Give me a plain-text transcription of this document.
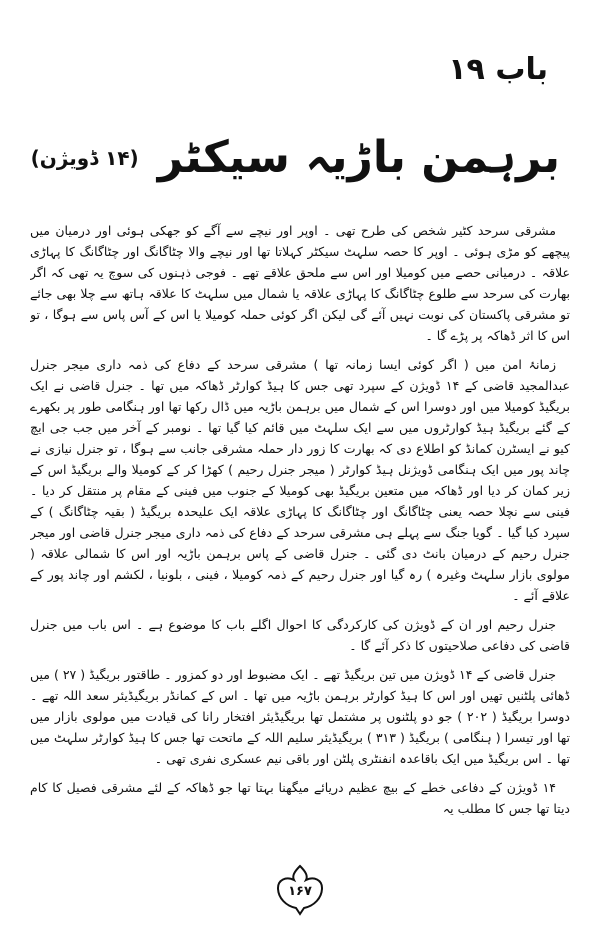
باب ۱۹
برہمن باڑیہ سیکٹر (۱۴ ڈویژن)

مشرقی سرحد کٹیر شخص کی طرح تھی ۔ اوپر اور نیچے سے آگے کو جھکی ہوئی اور درمیان میں پیچھے کو مڑی ہوئی ۔ اوپر کا حصہ سلہٹ سیکٹر کہلاتا تھا اور نیچے والا چٹاگانگ اور چٹاگانگ کا پہاڑی علاقہ ۔ درمیانی حصے میں کومیلا اور اس سے ملحق علاقے تھے ۔ فوجی ذہنوں کی سوچ یہ تھی کہ اگر بھارت کی سرحد سے طلوع چٹاگانگ کا پہاڑی علاقہ یا شمال میں سلہٹ کا علاقہ ہاتھ سے چلا بھی جائے تو مشرقی پاکستان کی نوبت نہیں آئے گی لیکن اگر کوئی حملہ کومیلا یا اس کے آس پاس سے ہوگا ، تو اس کا اثر ڈھاکہ پر پڑے گا ۔

زمانۂ امن میں ( اگر کوئی ایسا زمانہ تھا ) مشرقی سرحد کے دفاع کی ذمہ داری میجر جنرل عبدالمجید قاضی کے ۱۴ ڈویژن کے سپرد تھی جس کا ہیڈ کوارٹر ڈھاکہ میں تھا ۔ جنرل قاضی نے ایک بریگیڈ کومیلا میں اور دوسرا اس کے شمال میں برہمن باڑیہ میں ڈال رکھا تھا اور ہنگامی طور پر بکھرے کے گئے بریگیڈ ہیڈ کوارٹروں میں سے ایک سلہٹ میں قائم کیا گیا تھا ۔ نومبر کے آخر میں جب جی ایچ کیو نے ایسٹرن کمانڈ کو اطلاع دی کہ بھارت کا زور دار حملہ مشرقی جانب سے ہوگا ، تو جنرل نیازی نے چاند پور میں ایک ہنگامی ڈویژنل ہیڈ کوارٹر ( میجر جنرل رحیم ) کھڑا کر کے کومیلا والے بریگیڈ اس کے زیر کمان کر دیا اور ڈھاکہ میں متعین بریگیڈ بھی کومیلا کے جنوب میں فینی کے مقام پر منتقل کر دیا ۔ فینی سے نچلا حصہ یعنی چٹاگانگ اور چٹاگانگ کا پہاڑی علاقہ ایک علیحدہ بریگیڈ ( بقیہ چٹاگانگ ) کے سپرد کیا گیا ۔ گویا جنگ سے پہلے ہی مشرقی سرحد کے دفاع کی ذمہ داری میجر جنرل قاضی اور میجر جنرل رحیم کے درمیان بانٹ دی گئی ۔ جنرل قاضی کے پاس برہمن باڑیہ اور اس کا شمالی علاقہ ( مولوی بازار سلہٹ وغیرہ ) رہ گیا اور جنرل رحیم کے ذمہ کومیلا ، فینی ، بلونیا ، لکشم اور چاند پور کے علاقے آئے ۔

جنرل رحیم اور ان کے ڈویژن کی کارکردگی کا احوال اگلے باب کا موضوع ہے ۔ اس باب میں جنرل قاضی کی دفاعی صلاحیتوں کا ذکر آئے گا ۔

جنرل قاضی کے ۱۴ ڈویژن میں تین بریگیڈ تھے ۔ ایک مضبوط اور دو کمزور ۔ طاقتور بریگیڈ ( ۲۷ ) میں ڈھائی پلٹنیں تھیں اور اس کا ہیڈ کوارٹر برہمن باڑیہ میں تھا ۔ اس کے کمانڈر بریگیڈیئر سعد اللہ تھے ۔ دوسرا بریگیڈ ( ۲۰۲ ) جو دو پلٹنوں پر مشتمل تھا بریگیڈیئر افتخار رانا کی قیادت میں مولوی بازار میں تھا اور تیسرا ( ہنگامی ) بریگیڈ ( ۳۱۳ ) بریگیڈیئر سلیم اللہ کے ماتحت تھا جس کا ہیڈ کوارٹر سلہٹ میں تھا ۔ اس بریگیڈ میں ایک باقاعدہ انفنٹری پلٹن اور باقی نیم عسکری نفری تھی ۔

۱۴ ڈویژن کے دفاعی خطے کے بیچ عظیم دریائے میگھنا بہتا تھا جو ڈھاکہ کے لئے مشرقی فصیل کا کام دیتا تھا جس کا مطلب یہ

۱۶۷
